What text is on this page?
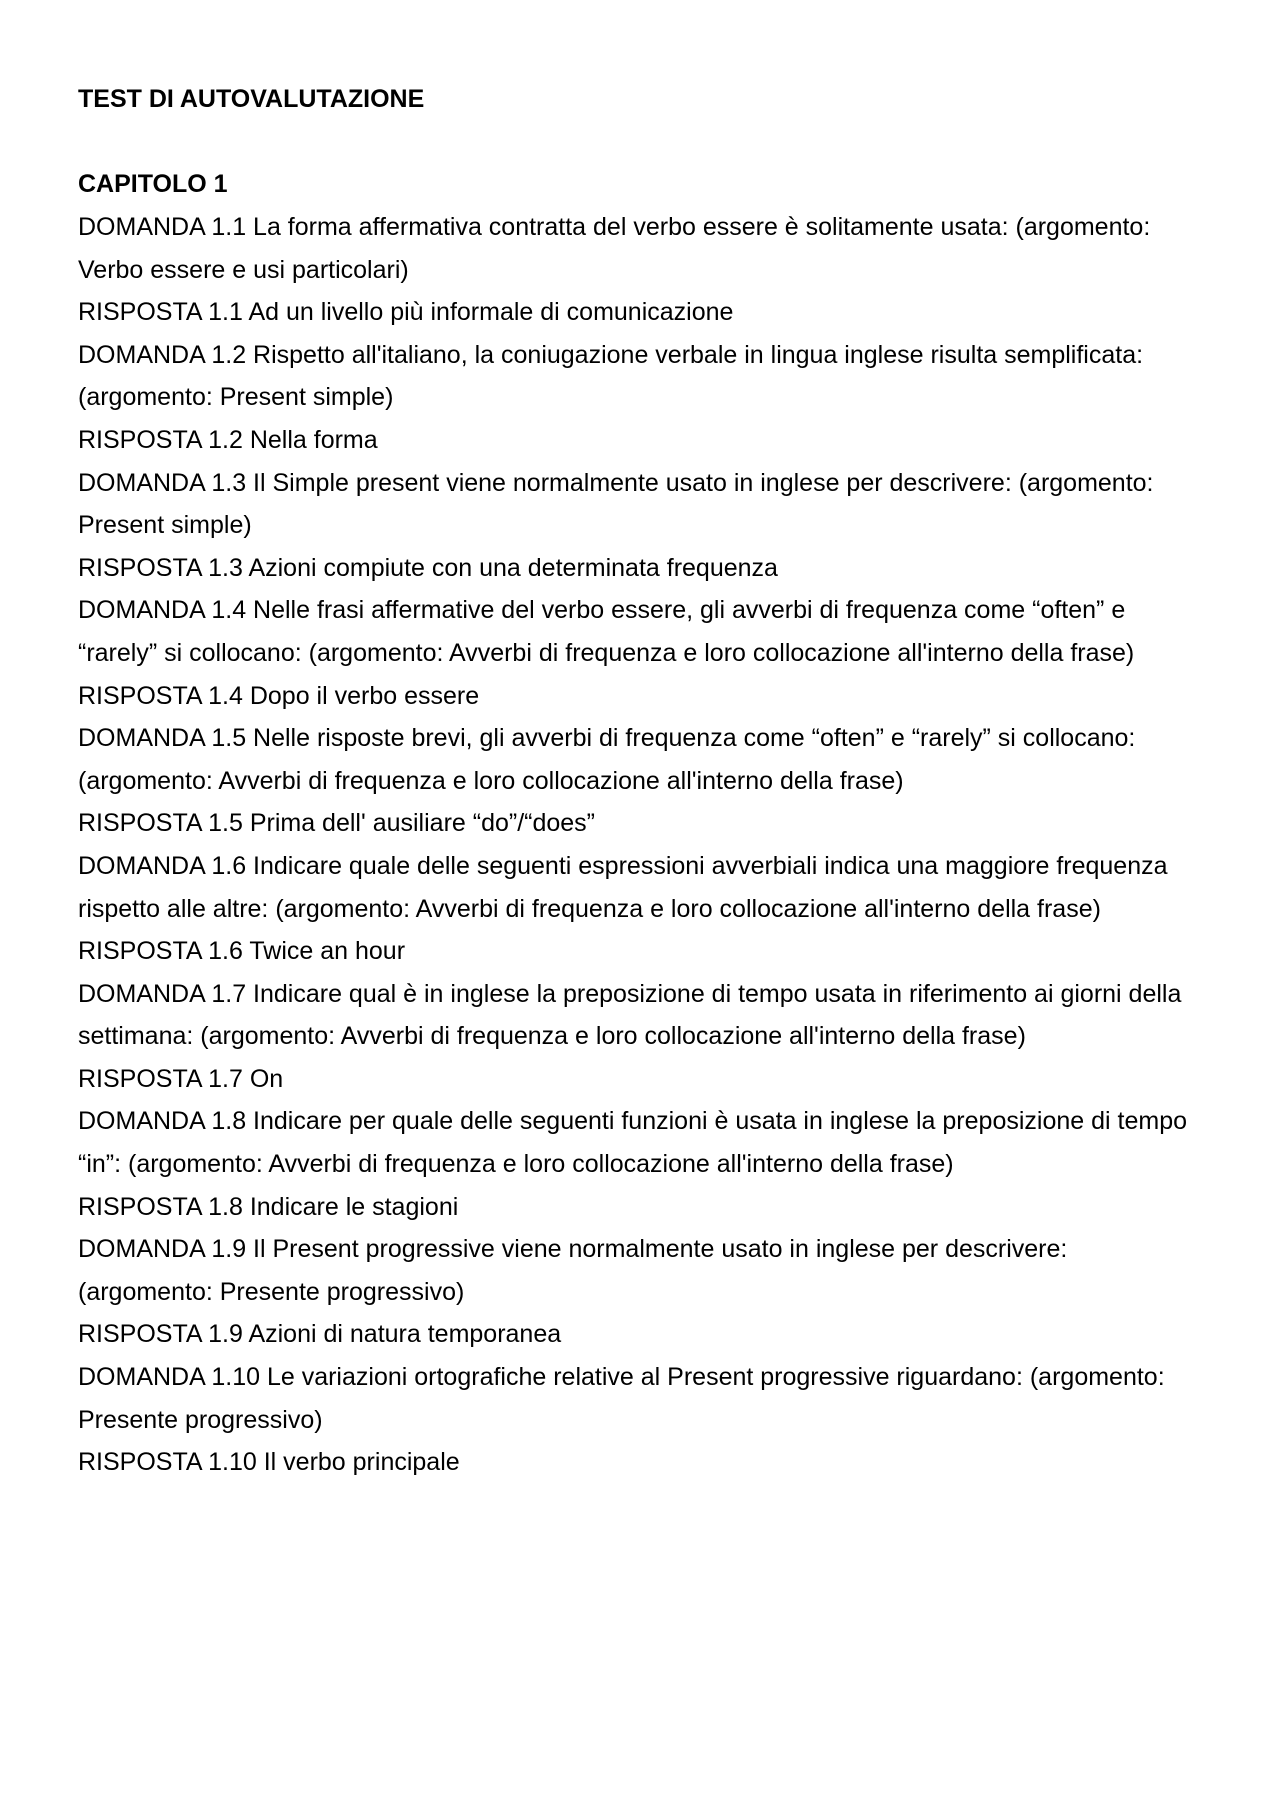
TEST DI AUTOVALUTAZIONE

CAPITOLO 1

DOMANDA 1.1 La forma affermativa contratta del verbo essere è solitamente usata: (argomento: Verbo essere e usi particolari)

RISPOSTA 1.1 Ad un livello più informale di comunicazione

DOMANDA 1.2 Rispetto all'italiano, la coniugazione verbale in lingua inglese risulta semplificata: (argomento: Present simple)

RISPOSTA 1.2 Nella forma

DOMANDA 1.3 Il Simple present viene normalmente usato in inglese per descrivere: (argomento: Present simple)

RISPOSTA 1.3 Azioni compiute con una determinata frequenza

DOMANDA 1.4 Nelle frasi affermative del verbo essere, gli avverbi di frequenza come “often” e “rarely” si collocano: (argomento: Avverbi di frequenza e loro collocazione all'interno della frase)

RISPOSTA 1.4 Dopo il verbo essere

DOMANDA 1.5 Nelle risposte brevi, gli avverbi di frequenza come “often” e “rarely” si collocano: (argomento: Avverbi di frequenza e loro collocazione all'interno della frase)

RISPOSTA 1.5 Prima dell' ausiliare “do”/“does”

DOMANDA 1.6 Indicare quale delle seguenti espressioni avverbiali indica una maggiore frequenza rispetto alle altre: (argomento: Avverbi di frequenza e loro collocazione all'interno della frase)

RISPOSTA 1.6 Twice an hour

DOMANDA 1.7 Indicare qual è in inglese la preposizione di tempo usata in riferimento ai giorni della settimana: (argomento: Avverbi di frequenza e loro collocazione all'interno della frase)

RISPOSTA 1.7 On

DOMANDA 1.8 Indicare per quale delle seguenti funzioni è usata in inglese la preposizione di tempo “in”: (argomento: Avverbi di frequenza e loro collocazione all'interno della frase)

RISPOSTA 1.8 Indicare le stagioni

DOMANDA 1.9 Il Present progressive viene normalmente usato in inglese per descrivere: (argomento: Presente progressivo)

RISPOSTA 1.9 Azioni di natura temporanea

DOMANDA 1.10 Le variazioni ortografiche relative al Present progressive riguardano: (argomento: Presente progressivo)

RISPOSTA 1.10 Il verbo principale
